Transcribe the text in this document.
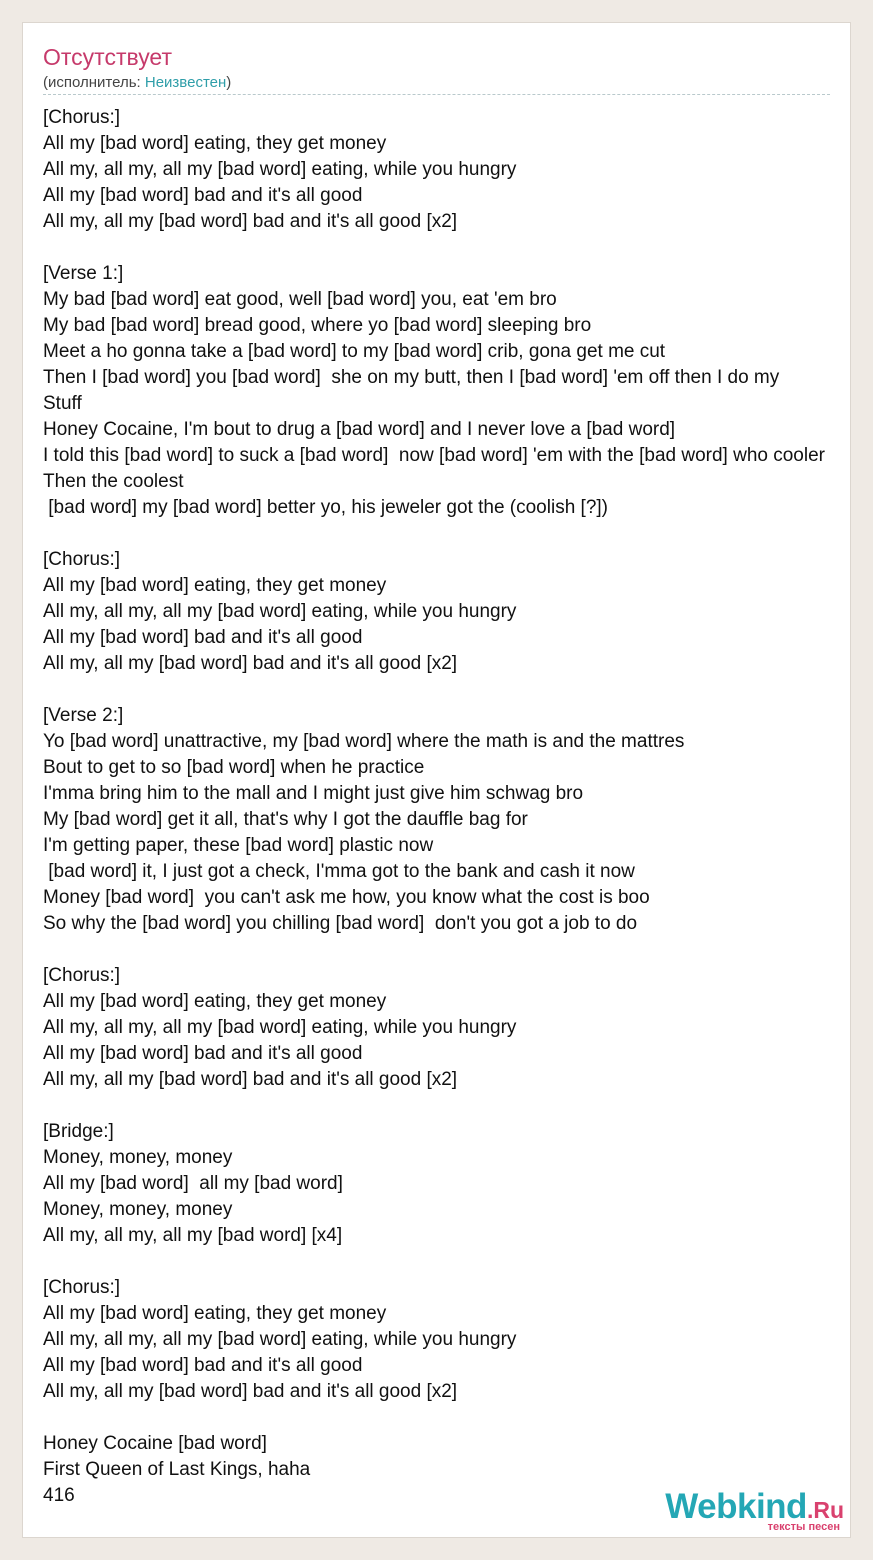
Отсутствует
(исполнитель: Неизвестен)
[Chorus:]
All my [bad word] eating, they get money
All my, all my, all my [bad word] eating, while you hungry
All my [bad word] bad and it's all good
All my, all my [bad word] bad and it's all good [x2]
[Verse 1:]
My bad [bad word] eat good, well [bad word] you, eat 'em bro
My bad [bad word] bread good, where yo [bad word] sleeping bro
Meet a ho gonna take a [bad word] to my [bad word] crib, gona get me cut
Then I [bad word] you [bad word]  she on my butt, then I [bad word] 'em off then I do my
Stuff
Honey Cocaine, I'm bout to drug a [bad word] and I never love a [bad word]
I told this [bad word] to suck a [bad word]  now [bad word] 'em with the [bad word] who cooler
Then the coolest
[bad word] my [bad word] better yo, his jeweler got the (coolish [?])
[Chorus:]
All my [bad word] eating, they get money
All my, all my, all my [bad word] eating, while you hungry
All my [bad word] bad and it's all good
All my, all my [bad word] bad and it's all good [x2]
[Verse 2:]
Yo [bad word] unattractive, my [bad word] where the math is and the mattres
Bout to get to so [bad word] when he practice
I'mma bring him to the mall and I might just give him schwag bro
My [bad word] get it all, that's why I got the dauffle bag for
I'm getting paper, these [bad word] plastic now
[bad word] it, I just got a check, I'mma got to the bank and cash it now
Money [bad word]  you can't ask me how, you know what the cost is boo
So why the [bad word] you chilling [bad word]  don't you got a job to do
[Chorus:]
All my [bad word] eating, they get money
All my, all my, all my [bad word] eating, while you hungry
All my [bad word] bad and it's all good
All my, all my [bad word] bad and it's all good [x2]
[Bridge:]
Money, money, money
All my [bad word]  all my [bad word]
Money, money, money
All my, all my, all my [bad word] [x4]
[Chorus:]
All my [bad word] eating, they get money
All my, all my, all my [bad word] eating, while you hungry
All my [bad word] bad and it's all good
All my, all my [bad word] bad and it's all good [x2]
Honey Cocaine [bad word]
First Queen of Last Kings, haha
416	Webkind.Ru
тексты песен
